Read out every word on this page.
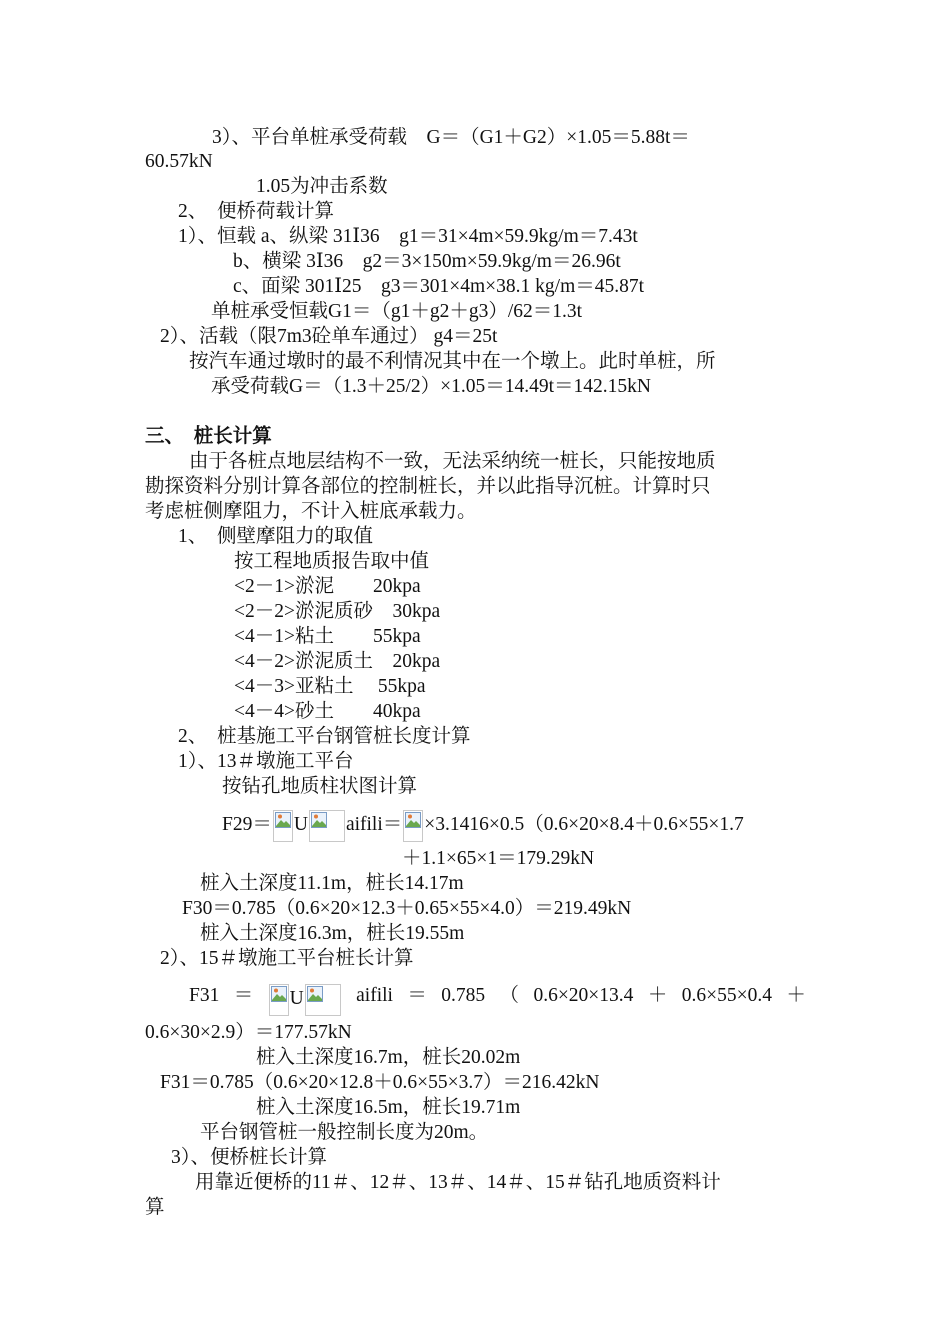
3）、平台单桩承受荷载　G＝（G1＋G2）×1.05＝5.88t＝
60.57kN
1.05为冲击系数
2、　便桥荷载计算
1）、恒载 a、纵梁 31Ⅰ36　g1＝31×4m×59.9kg/m＝7.43t
b、横梁 3Ⅰ36　g2＝3×150m×59.9kg/m＝26.96t
c、面梁 301Ⅰ25　g3＝301×4m×38.1 kg/m＝45.87t
单桩承受恒载G1＝（g1＋g2＋g3）/62＝1.3t
2）、活载（限7m3砼单车通过） g4＝25t
按汽车通过墩时的最不利情况其中在一个墩上。此时单桩，所
承受荷载G＝（1.3＋25/2）×1.05＝14.49t＝142.15kN
三、　桩长计算
由于各桩点地层结构不一致，无法采纳统一桩长，只能按地质
勘探资料分别计算各部位的控制桩长，并以此指导沉桩。计算时只
考虑桩侧摩阻力，不计入桩底承载力。
1、　侧壁摩阻力的取值
按工程地质报告取中值
<2－1>淤泥　　20kpa
<2－2>淤泥质砂　30kpa
<4－1>粘土　　55kpa
<4－2>淤泥质土　20kpa
<4－3>亚粘土　 55kpa
<4－4>砂土　　40kpa
2、　桩基施工平台钢管桩长度计算
1）、13＃墩施工平台
按钻孔地质柱状图计算
F29＝ U aifili＝ ×3.1416×0.5（0.6×20×8.4＋0.6×55×1.7
＋1.1×65×1＝179.29kN
桩入土深度11.1m，桩长14.17m
F30＝0.785（0.6×20×12.3＋0.65×55×4.0）＝219.49kN
桩入土深度16.3m，桩长19.55m
2）、15＃墩施工平台桩长计算
F31 ＝	U	aifili ＝ 0.785 （ 0.6×20×13.4 ＋ 0.6×55×0.4 ＋
0.6×30×2.9）＝177.57kN
桩入土深度16.7m，桩长20.02m
F31＝0.785（0.6×20×12.8＋0.6×55×3.7）＝216.42kN
桩入土深度16.5m，桩长19.71m
平台钢管桩一般控制长度为20m。
3）、便桥桩长计算
用靠近便桥的11＃、12＃、13＃、14＃、15＃钻孔地质资料计
算
